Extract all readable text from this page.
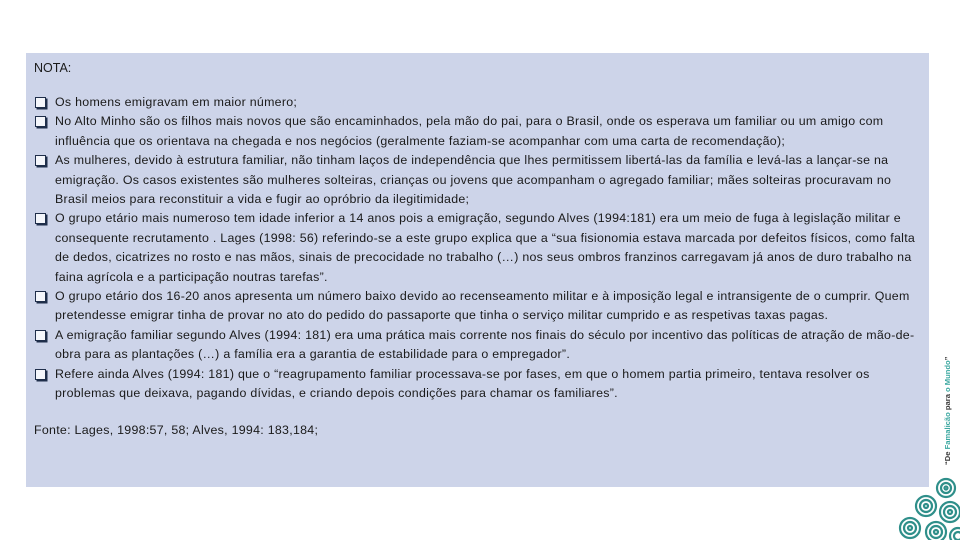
NOTA:
Os homens emigravam em maior número;
No Alto Minho são os filhos mais novos que são encaminhados, pela mão do pai, para o Brasil, onde os esperava um familiar ou um amigo com influência que os orientava na chegada e nos negócios (geralmente faziam-se acompanhar com uma carta de recomendação);
As mulheres, devido à estrutura familiar, não tinham laços de independência que lhes permitissem libertá-las da família e levá-las a lançar-se na emigração. Os casos existentes são mulheres solteiras, crianças ou jovens que acompanham o agregado familiar; mães solteiras procuravam no Brasil meios para reconstituir a vida e fugir ao opróbrio da ilegitimidade;
O grupo etário mais numeroso tem idade inferior a 14 anos pois a emigração, segundo Alves (1994:181) era um meio de fuga à legislação militar e consequente recrutamento . Lages (1998: 56) referindo-se a este grupo explica que a “sua fisionomia estava marcada por defeitos físicos, como falta de dedos, cicatrizes no rosto e nas mãos, sinais de precocidade no trabalho (…) nos seus ombros franzinos carregavam já anos de duro trabalho na faina agrícola e a participação noutras tarefas”.
O grupo etário dos 16-20 anos apresenta um número baixo devido ao recenseamento militar e à imposição legal e intransigente de o cumprir. Quem pretendesse emigrar tinha de provar no ato do pedido do passaporte que tinha o serviço militar cumprido e as respetivas taxas pagas.
A emigração familiar segundo Alves (1994: 181) era uma prática mais corrente nos finais do século por incentivo das políticas de atração de mão-de-obra para as plantações (…) a família era a garantia de estabilidade para o empregador”.
Refere ainda Alves (1994: 181) que o “reagrupamento familiar processava-se por fases, em que o homem partia primeiro, tentava resolver os problemas que deixava, pagando dívidas, e criando depois condições para chamar os familiares”.
Fonte: Lages, 1998:57, 58; Alves, 1994: 183,184;
“De Famalicão para o Mundo”
